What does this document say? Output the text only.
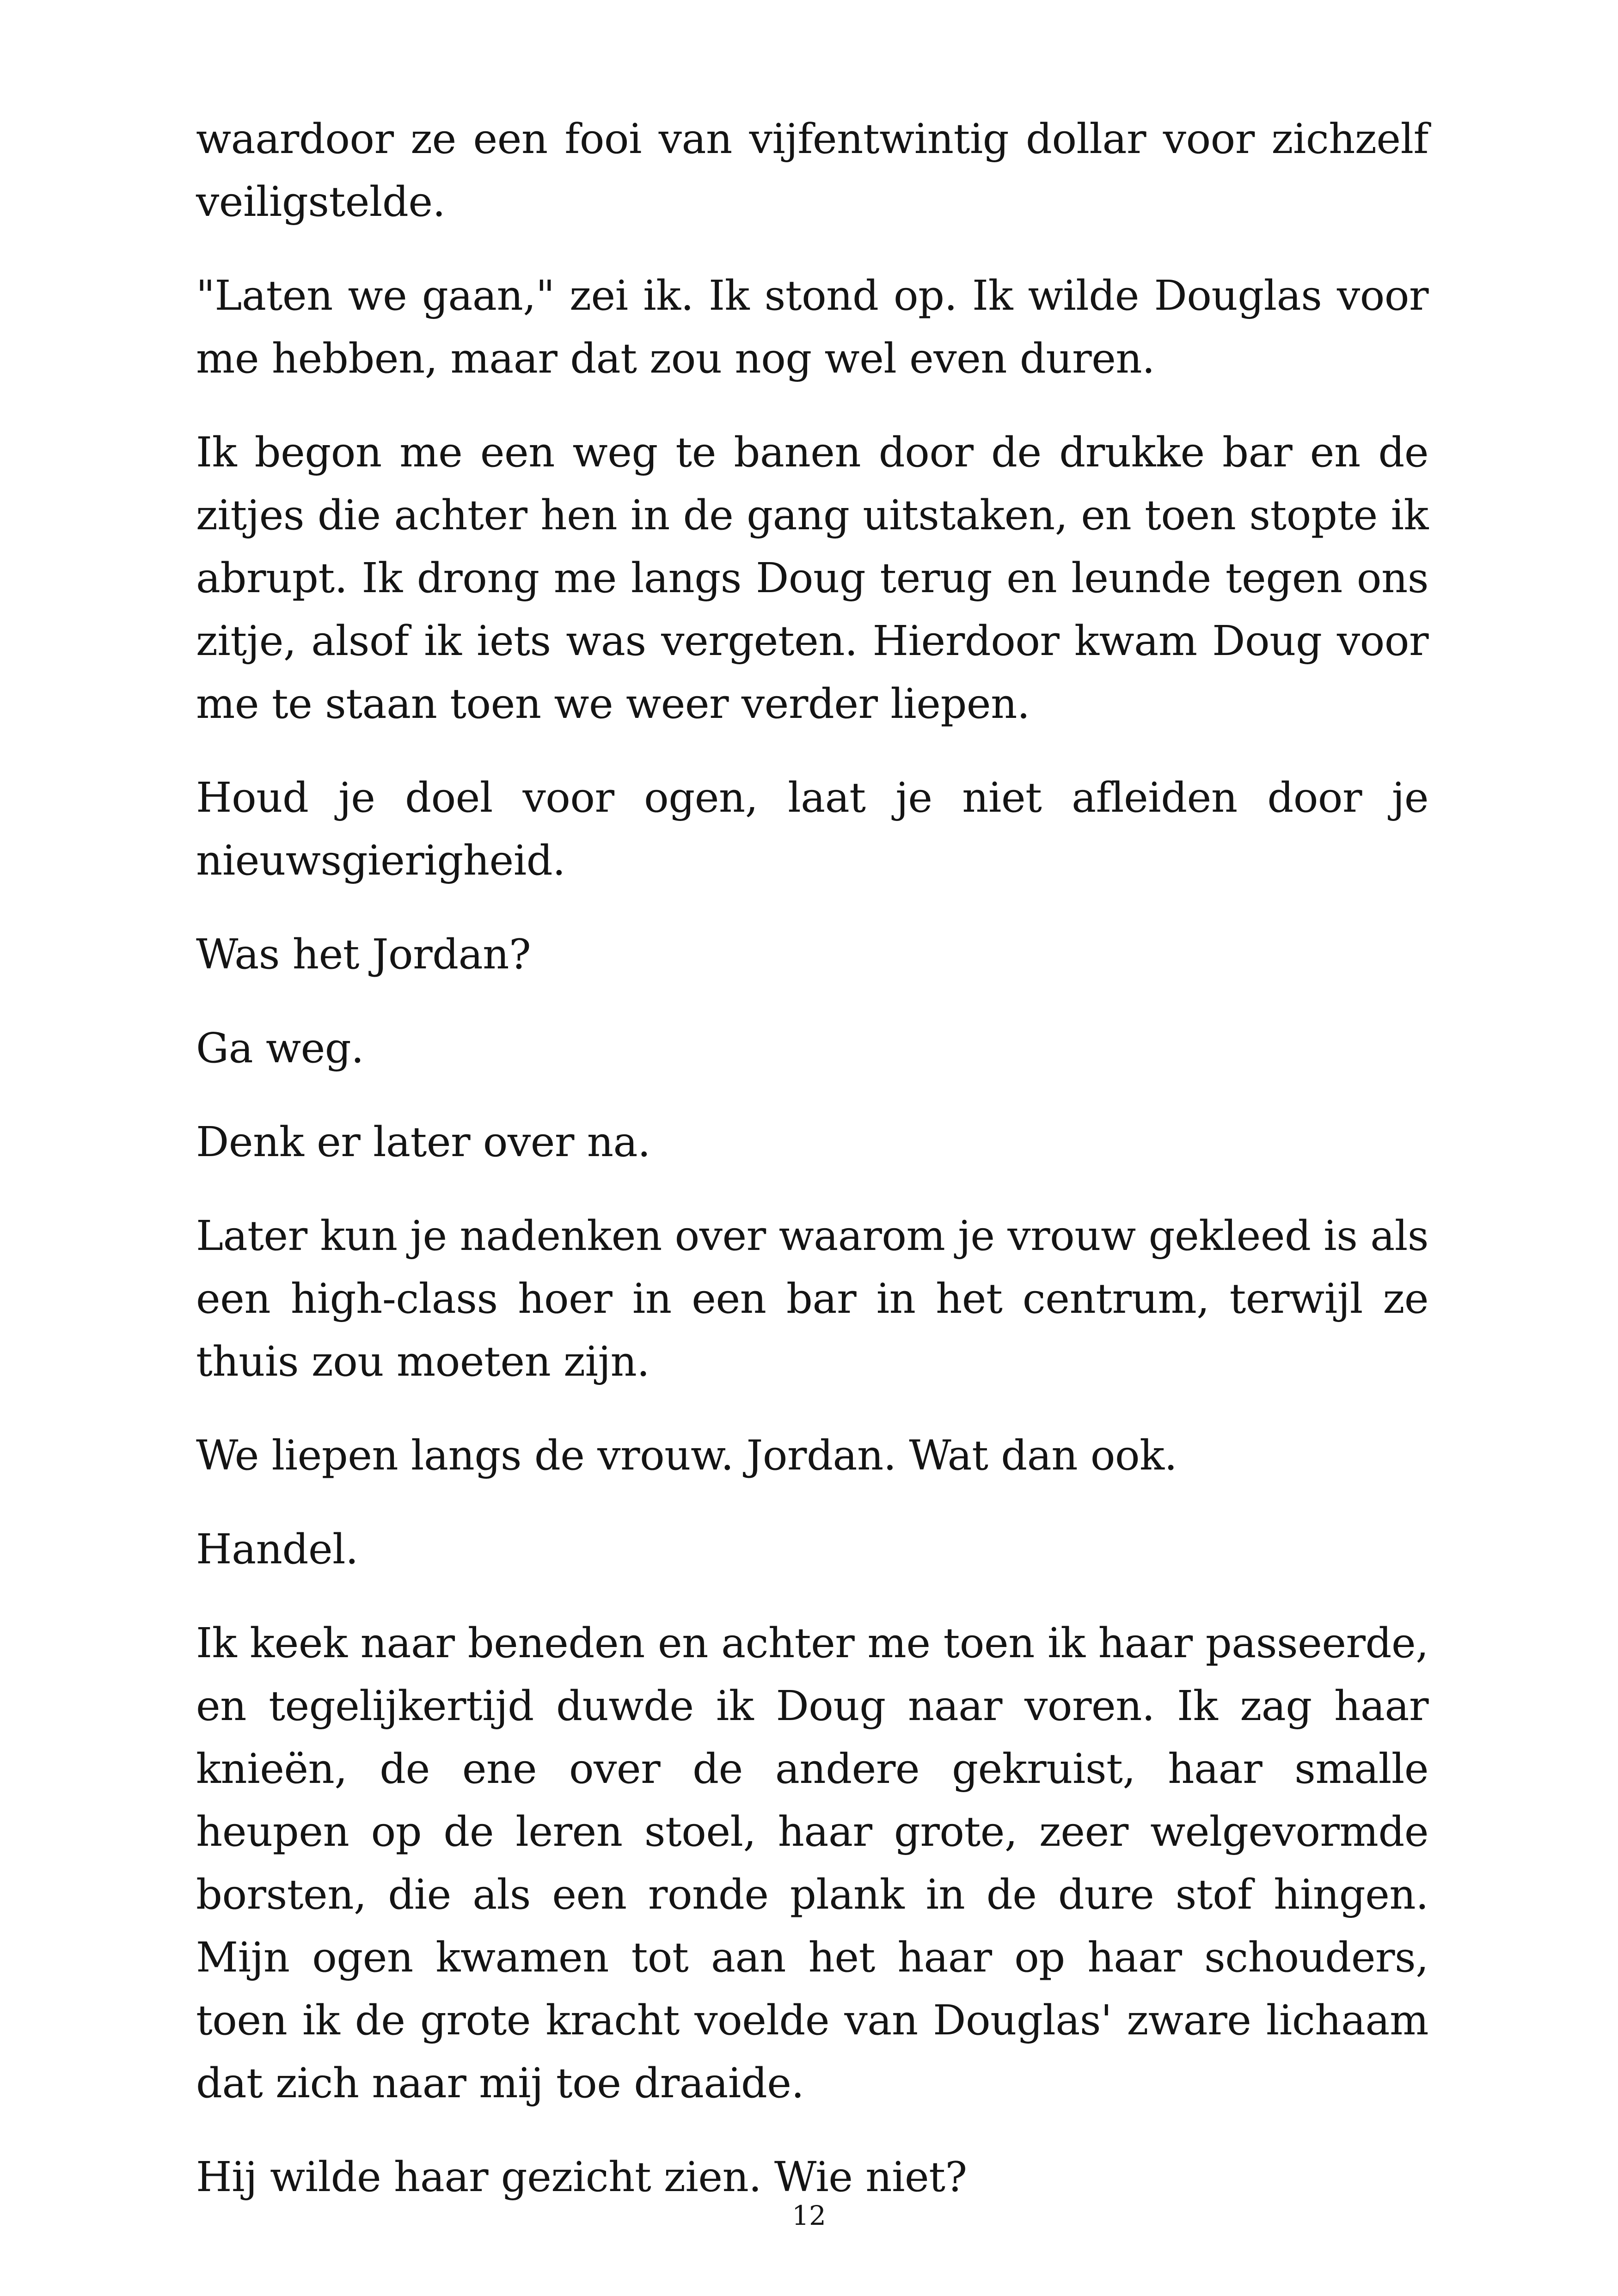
waardoor ze een fooi van vijfentwintig dollar voor zichzelf veiligstelde.

"Laten we gaan," zei ik. Ik stond op. Ik wilde Douglas voor me hebben, maar dat zou nog wel even duren.

Ik begon me een weg te banen door de drukke bar en de zitjes die achter hen in de gang uitstaken, en toen stopte ik abrupt. Ik drong me langs Doug terug en leunde tegen ons zitje, alsof ik iets was vergeten. Hierdoor kwam Doug voor me te staan toen we weer verder liepen.

Houd je doel voor ogen, laat je niet afleiden door je nieuwsgierigheid.

Was het Jordan?

Ga weg.

Denk er later over na.

Later kun je nadenken over waarom je vrouw gekleed is als een high-class hoer in een bar in het centrum, terwijl ze thuis zou moeten zijn.

We liepen langs de vrouw. Jordan. Wat dan ook.

Handel.

Ik keek naar beneden en achter me toen ik haar passeerde, en tegelijkertijd duwde ik Doug naar voren. Ik zag haar knieën, de ene over de andere gekruist, haar smalle heupen op de leren stoel, haar grote, zeer welgevormde borsten, die als een ronde plank in de dure stof hingen. Mijn ogen kwamen tot aan het haar op haar schouders, toen ik de grote kracht voelde van Douglas' zware lichaam dat zich naar mij toe draaide.

Hij wilde haar gezicht zien. Wie niet?

12
